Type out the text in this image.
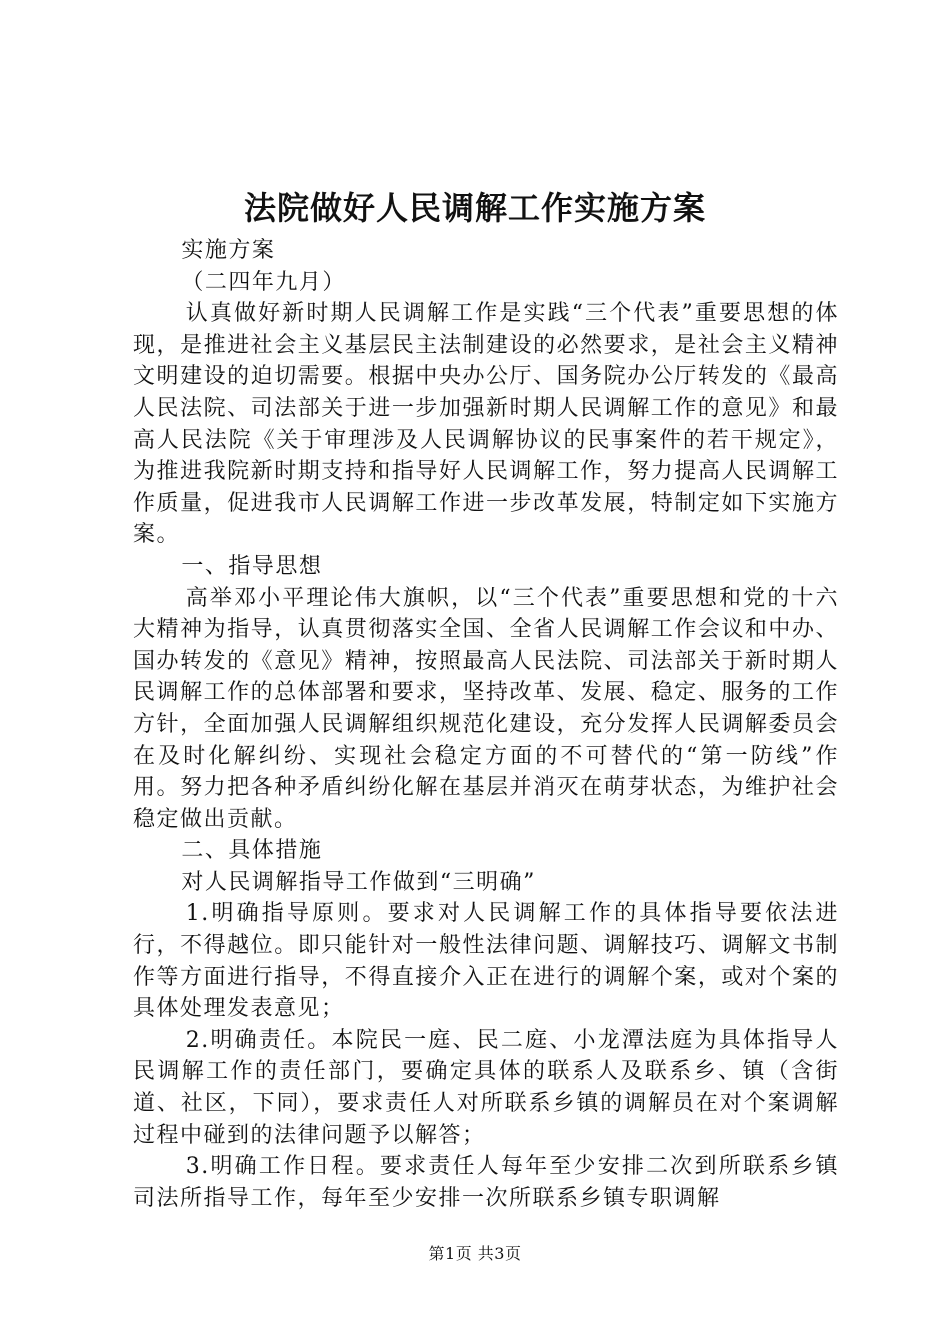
法院做好人民调解工作实施方案

实施方案

（二四年九月）

认真做好新时期人民调解工作是实践“三个代表”重要思想的体现，是推进社会主义基层民主法制建设的必然要求，是社会主义精神文明建设的迫切需要。根据中央办公厅、国务院办公厅转发的《最高人民法院、司法部关于进一步加强新时期人民调解工作的意见》和最高人民法院《关于审理涉及人民调解协议的民事案件的若干规定》，为推进我院新时期支持和指导好人民调解工作，努力提高人民调解工作质量，促进我市人民调解工作进一步改革发展，特制定如下实施方案。

一、指导思想

高举邓小平理论伟大旗帜，以“三个代表”重要思想和党的十六大精神为指导，认真贯彻落实全国、全省人民调解工作会议和中办、国办转发的《意见》精神，按照最高人民法院、司法部关于新时期人民调解工作的总体部署和要求，坚持改革、发展、稳定、服务的工作方针，全面加强人民调解组织规范化建设，充分发挥人民调解委员会在及时化解纠纷、实现社会稳定方面的不可替代的“第一防线”作用。努力把各种矛盾纠纷化解在基层并消灭在萌芽状态，为维护社会稳定做出贡献。

二、具体措施

对人民调解指导工作做到“三明确”

1.明确指导原则。要求对人民调解工作的具体指导要依法进行，不得越位。即只能针对一般性法律问题、调解技巧、调解文书制作等方面进行指导，不得直接介入正在进行的调解个案，或对个案的具体处理发表意见；

2.明确责任。本院民一庭、民二庭、小龙潭法庭为具体指导人民调解工作的责任部门，要确定具体的联系人及联系乡、镇（含街道、社区，下同），要求责任人对所联系乡镇的调解员在对个案调解过程中碰到的法律问题予以解答；

3.明确工作日程。要求责任人每年至少安排二次到所联系乡镇司法所指导工作，每年至少安排一次所联系乡镇专职调解

第1页 共3页
